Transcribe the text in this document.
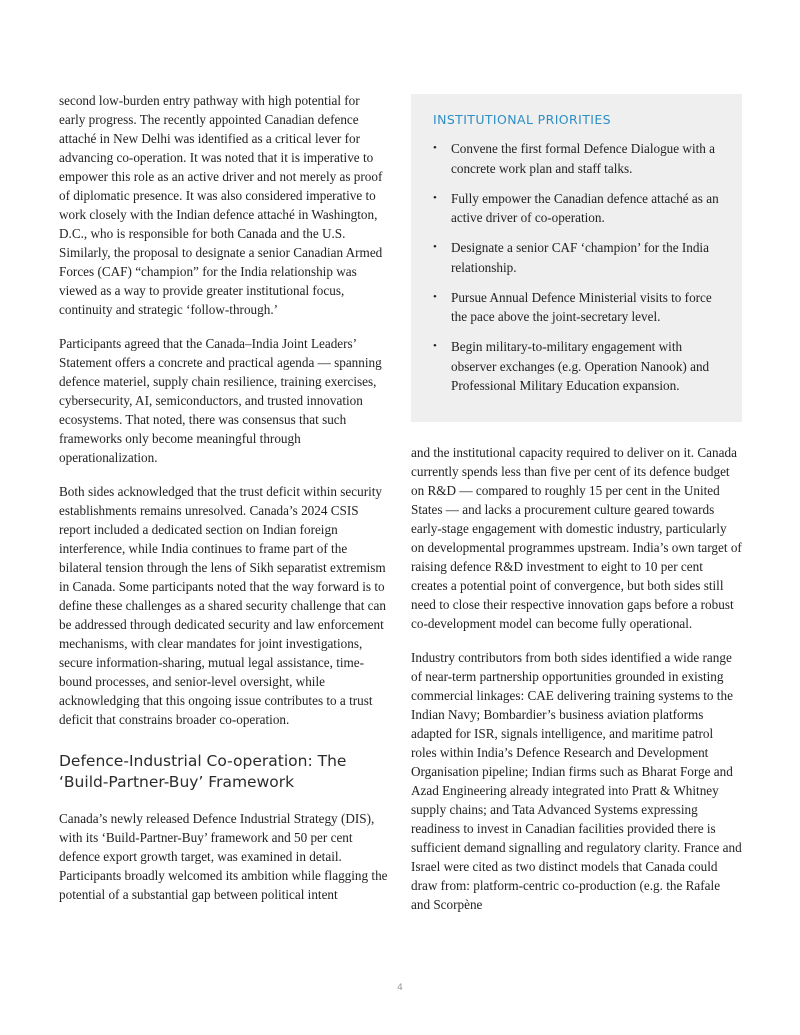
second low-burden entry pathway with high potential for early progress. The recently appointed Canadian defence attaché in New Delhi was identified as a critical lever for advancing co-operation. It was noted that it is imperative to empower this role as an active driver and not merely as proof of diplomatic presence. It was also considered imperative to work closely with the Indian defence attaché in Washington, D.C., who is responsible for both Canada and the U.S. Similarly, the proposal to designate a senior Canadian Armed Forces (CAF) “champion” for the India relationship was viewed as a way to provide greater institutional focus, continuity and strategic ‘follow-through.’

Participants agreed that the Canada–India Joint Leaders’ Statement offers a concrete and practical agenda — spanning defence materiel, supply chain resilience, training exercises, cybersecurity, AI, semiconductors, and trusted innovation ecosystems. That noted, there was consensus that such frameworks only become meaningful through operationalization.

Both sides acknowledged that the trust deficit within security establishments remains unresolved. Canada’s 2024 CSIS report included a dedicated section on Indian foreign interference, while India continues to frame part of the bilateral tension through the lens of Sikh separatist extremism in Canada. Some participants noted that the way forward is to define these challenges as a shared security challenge that can be addressed through dedicated security and law enforcement mechanisms, with clear mandates for joint investigations, secure information-sharing, mutual legal assistance, time-bound processes, and senior-level oversight, while acknowledging that this ongoing issue contributes to a trust deficit that constrains broader co-operation.

Defence-Industrial Co-operation: The ‘Build-Partner-Buy’ Framework

Canada’s newly released Defence Industrial Strategy (DIS), with its ‘Build-Partner-Buy’ framework and 50 per cent defence export growth target, was examined in detail. Participants broadly welcomed its ambition while flagging the potential of a substantial gap between political intent

INSTITUTIONAL PRIORITIES
• Convene the first formal Defence Dialogue with a concrete work plan and staff talks.
• Fully empower the Canadian defence attaché as an active driver of co-operation.
• Designate a senior CAF ‘champion’ for the India relationship.
• Pursue Annual Defence Ministerial visits to force the pace above the joint-secretary level.
• Begin military-to-military engagement with observer exchanges (e.g. Operation Nanook) and Professional Military Education expansion.

and the institutional capacity required to deliver on it. Canada currently spends less than five per cent of its defence budget on R&D — compared to roughly 15 per cent in the United States — and lacks a procurement culture geared towards early-stage engagement with domestic industry, particularly on developmental programmes upstream. India’s own target of raising defence R&D investment to eight to 10 per cent creates a potential point of convergence, but both sides still need to close their respective innovation gaps before a robust co-development model can become fully operational.

Industry contributors from both sides identified a wide range of near-term partnership opportunities grounded in existing commercial linkages: CAE delivering training systems to the Indian Navy; Bombardier’s business aviation platforms adapted for ISR, signals intelligence, and maritime patrol roles within India’s Defence Research and Development Organisation pipeline; Indian firms such as Bharat Forge and Azad Engineering already integrated into Pratt & Whitney supply chains; and Tata Advanced Systems expressing readiness to invest in Canadian facilities provided there is sufficient demand signalling and regulatory clarity. France and Israel were cited as two distinct models that Canada could draw from: platform-centric co-production (e.g. the Rafale and Scorpène

4
